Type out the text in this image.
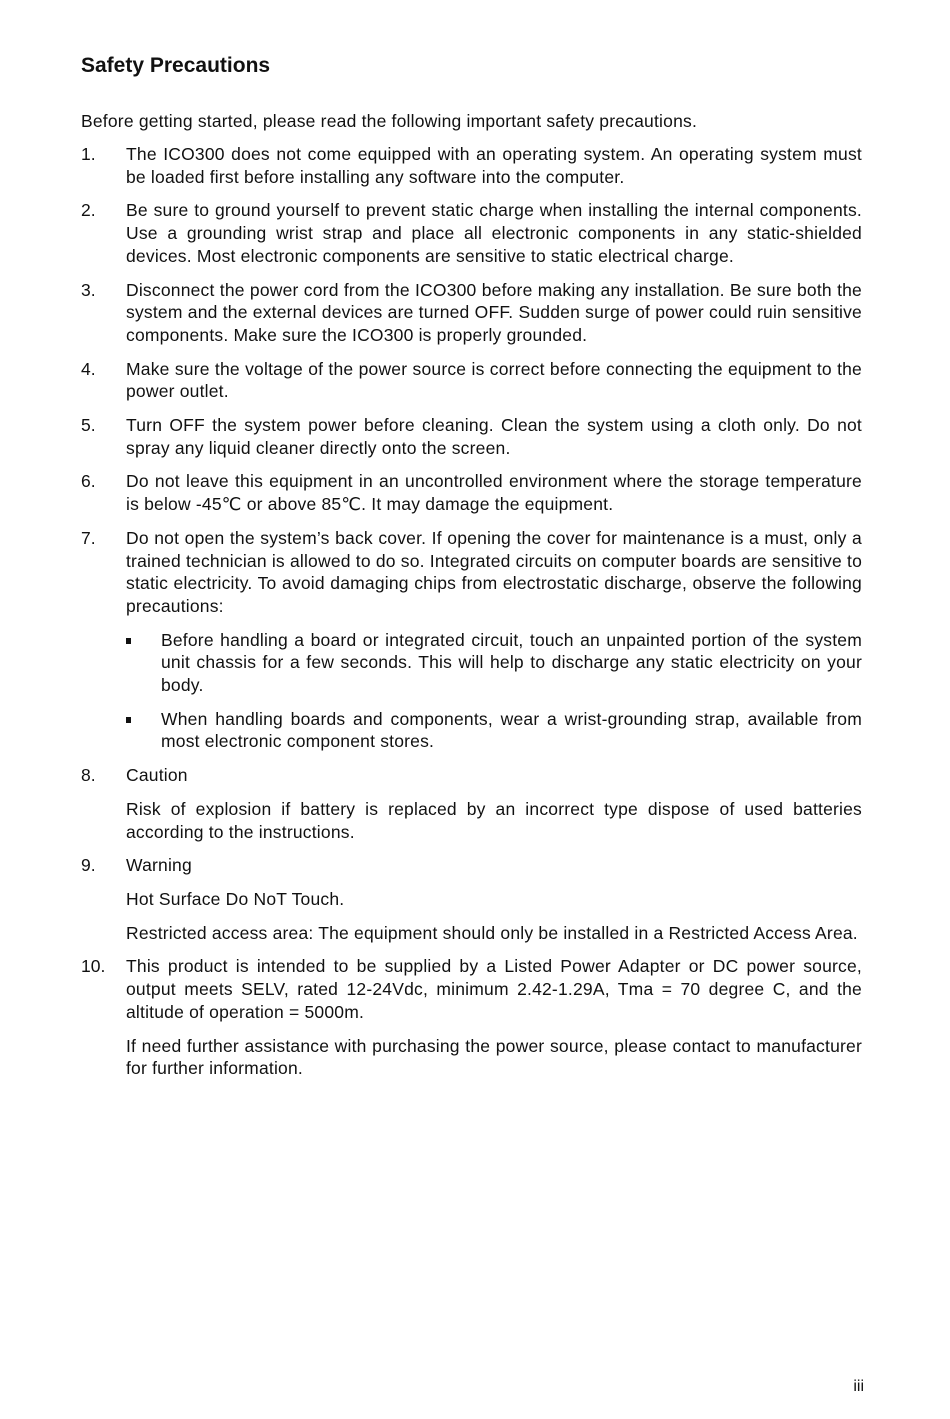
Safety Precautions

Before getting started, please read the following important safety precautions.

1. The ICO300 does not come equipped with an operating system. An operating system must be loaded first before installing any software into the computer.

2. Be sure to ground yourself to prevent static charge when installing the internal components. Use a grounding wrist strap and place all electronic components in any static-shielded devices. Most electronic components are sensitive to static electrical charge.

3. Disconnect the power cord from the ICO300 before making any installation. Be sure both the system and the external devices are turned OFF. Sudden surge of power could ruin sensitive components. Make sure the ICO300 is properly grounded.

4. Make sure the voltage of the power source is correct before connecting the equipment to the power outlet.

5. Turn OFF the system power before cleaning. Clean the system using a cloth only. Do not spray any liquid cleaner directly onto the screen.

6. Do not leave this equipment in an uncontrolled environment where the storage temperature is below -45℃ or above 85℃. It may damage the equipment.

7. Do not open the system’s back cover. If opening the cover for maintenance is a must, only a trained technician is allowed to do so. Integrated circuits on computer boards are sensitive to static electricity. To avoid damaging chips from electrostatic discharge, observe the following precautions:

Before handling a board or integrated circuit, touch an unpainted portion of the system unit chassis for a few seconds. This will help to discharge any static electricity on your body.

When handling boards and components, wear a wrist-grounding strap, available from most electronic component stores.

8. Caution

Risk of explosion if battery is replaced by an incorrect type dispose of used batteries according to the instructions.

9. Warning

Hot Surface Do NoT Touch.

Restricted access area: The equipment should only be installed in a Restricted Access Area.

10. This product is intended to be supplied by a Listed Power Adapter or DC power source, output meets SELV, rated 12-24Vdc, minimum 2.42-1.29A, Tma = 70 degree C, and the altitude of operation = 5000m.

If need further assistance with purchasing the power source, please contact to manufacturer for further information.

iii
